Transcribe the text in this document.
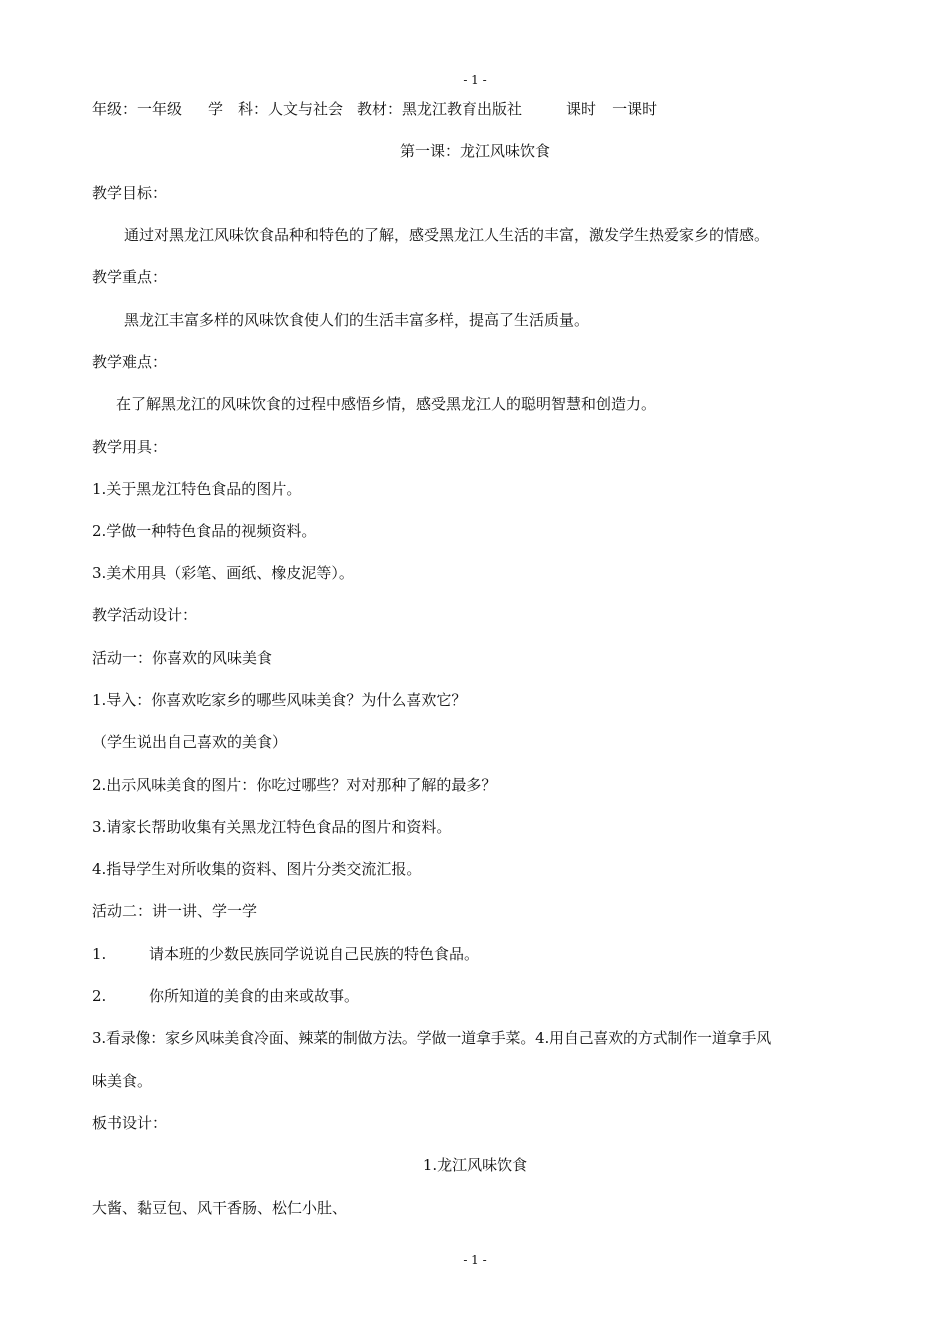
- 1 -
年级：一年级 学　科：人文与社会 教材：黑龙江教育出版社	课时 一课时
第一课：龙江风味饮食
教学目标：
通过对黑龙江风味饮食品种和特色的了解，感受黑龙江人生活的丰富，激发学生热爱家乡的情感。
教学重点：
黑龙江丰富多样的风味饮食使人们的生活丰富多样，提高了生活质量。
教学难点：
在了解黑龙江的风味饮食的过程中感悟乡情，感受黑龙江人的聪明智慧和创造力。
教学用具：
1.关于黑龙江特色食品的图片。
2.学做一种特色食品的视频资料。
3.美术用具（彩笔、画纸、橡皮泥等）。
教学活动设计：
活动一：你喜欢的风味美食
1.导入：你喜欢吃家乡的哪些风味美食？为什么喜欢它？
（学生说出自己喜欢的美食）
2.出示风味美食的图片：你吃过哪些？对对那种了解的最多？
3.请家长帮助收集有关黑龙江特色食品的图片和资料。
4.指导学生对所收集的资料、图片分类交流汇报。
活动二：讲一讲、学一学
1.	请本班的少数民族同学说说自己民族的特色食品。
2.	你所知道的美食的由来或故事。
3.看录像：家乡风味美食冷面、辣菜的制做方法。学做一道拿手菜。4.用自己喜欢的方式制作一道拿手风
味美食。
板书设计：
1.龙江风味饮食
大酱、黏豆包、风干香肠、松仁小肚、
- 1 -
